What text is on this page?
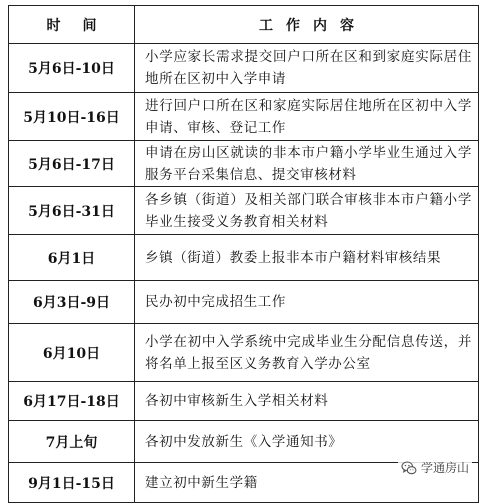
时 间	工 作 内 容
5月6日-10日	小学应家长需求提交回户口所在区和到家庭实际居住地所在区初中入学申请
5月10日-16日	进行回户口所在区和家庭实际居住地所在区初中入学申请、审核、登记工作
5月6日-17日	申请在房山区就读的非本市户籍小学毕业生通过入学服务平台采集信息、提交审核材料
5月6日-31日	各乡镇（街道）及相关部门联合审核非本市户籍小学毕业生接受义务教育相关材料
6月1日	乡镇（街道）教委上报非本市户籍材料审核结果
6月3日-9日	民办初中完成招生工作
6月10日	小学在初中入学系统中完成毕业生分配信息传送，并将名单上报至区义务教育入学办公室
6月17日-18日	各初中审核新生入学相关材料
7月上旬	各初中发放新生《入学通知书》
9月1日-15日	建立初中新生学籍
学通房山
